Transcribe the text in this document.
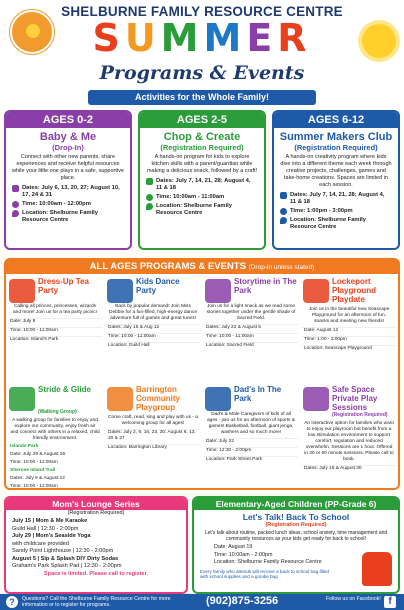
SHELBURNE FAMILY RESOURCE CENTRE
SUMMER
Programs & Events
Activities for the Whole Family!
AGES 0-2
Baby & Me
(Drop-In)
Connect with other new parents, share experiences and receive helpful resources while your little one plays in a safe, supportive place.
Dates: July 6, 13, 20, 27; August 10, 17, 24 & 31
Time: 10:00am - 12:00pm
Location: Shelburne Family Resource Centre
AGES 2-5
Chop & Create
(Registration Required)
A hands-on program for kids to explore kitchen skills with a parent/guardian while making a delicious snack, followed by a craft!
Dates: July 7, 14, 21, 28; August 4, 11 & 18
Time: 10:00am - 11:00am
Location: Shelburne Family Resource Centre
AGES 6-12
Summer Makers Club
(Registration Required)
A hands-on creativity program where kids dive into a different theme each week through creative projects, challenges, games and take-home creations. Spaces are limited in each session.
Dates: July 7, 14, 21, 28; August 4, 11 & 18
Time: 1:00pm - 3:00pm
Location: Shelburne Family Resource Centre
ALL AGES PROGRAMS & EVENTS (Drop-in unless stated)
Dress-Up Tea Party
Calling all princes, princesses, wizards and more! Join us for a tea party picnic!
Date: July 8
Time: 10:00 - 11:00am
Location: Island's Park
Kids Dance Party
Back by popular demand! Join Miss Debbie for a fun-filled, high-energy dance adventure full of games and great tunes!
Dates: July 15 & Aug 12
Time: 10:00 - 11:00am
Location: Guild Hall
Storytime in The Park
Join us for a light snack as we read some stories together under the gentle shade of Sacred Field.
Dates: July 22 & August 5
Time: 10:00 - 11:00am
Location: Sacred Field
Lockeport Playground Playdate
Join us in the beautiful new Seascape Playground for an afternoon of fun, snacks and meeting new friends!
Date: August 12
Time: 1:00 - 2:00pm
Location: Seascape Playground
Stride & Glide
(Walking Group)
A walking group for families to enjoy and explore our community, enjoy fresh air and connect with others in a relaxed, child friendly environment.
Islands Park
Date: July 29 & August 26
Time: 10:00 - 11:00am
Sherose Island Trail
Dates: July 9 & August 12
Time: 10:00 - 11:00am
Barrington Community Playgroup
Come craft, read, sing and play with us - a welcoming group for all ages!
Dates: July 2, 9, 16, 23, 30; August 6, 13, 20 & 27
Location: Barrington Library
Dad's In The Park
Dad's & Male Caregivers of kids of all ages - join us for an afternoon of sports & games! Basketball, football, giant jenga, washers and so much more!
Date: July 22
Time: 12:30 - 2:00pm
Location: Park Street Park
Safe Space Private Play Sessions
(Registration Required)
An interactive option for families who want to enjoy our playroom but benefit from a low stimulation environment to support comfort, regulation and reduced overwhelm. Sessions are 1 hour. Offered in 30 or 60 minute sessions. Please call to book.
Dates: July 16 & August 30
Mom's Lounge Series
(Registration Required)
July 15 | Mom & Me Karaoke
Guild Hall | 12:30 - 2:00pm
July 29 | Mom's Seaside Yoga
with childcare provided
Sandy Point Lighthouse | 12:30 - 2:00pm
August 5 | Sip & Splash DIY Dirty Sodas
Graham's Park Splash Pad | 12:30 - 2:00pm
Space is limited. Please call to register.
Elementary-Aged Children (PP-Grade 6)
Let's Talk! Back To School
(Registration Required)
Let's talk about routine, packed lunch ideas, school anxiety, time management and community resources as your kids get ready for back to school!
Date: August 19
Time: 10:00am - 2:00pm
Location: Shelburne Family Resource Centre
Every family who attends will receive a back to school bag filled with school supplies and a goodie bag
?	Questions? Call the Shelburne Family Resource Centre for more information or to register for programs.	(902)875-3256	Follow us on Facebook! f
